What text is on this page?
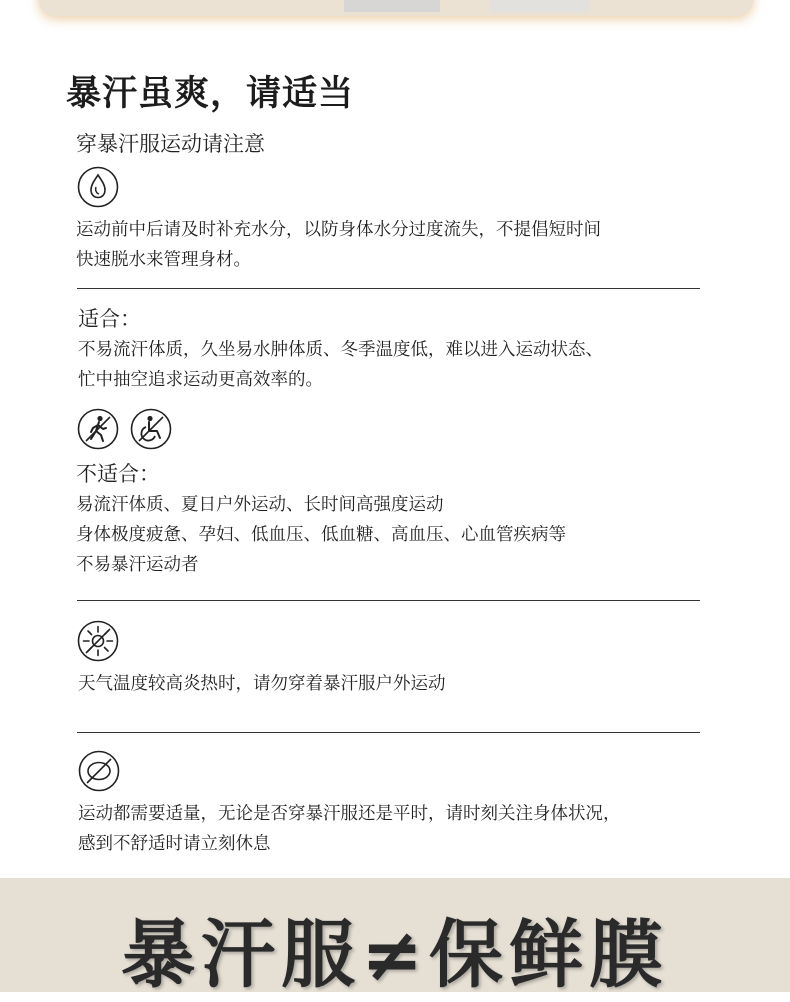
暴汗虽爽，请适当
穿暴汗服运动请注意
运动前中后请及时补充水分，以防身体水分过度流失，不提倡短时间
快速脱水来管理身材。
适合：
不易流汗体质，久坐易水肿体质、冬季温度低，难以进入运动状态、
忙中抽空追求运动更高效率的。
不适合：
易流汗体质、夏日户外运动、长时间高强度运动
身体极度疲惫、孕妇、低血压、低血糖、高血压、心血管疾病等
不易暴汗运动者
天气温度较高炎热时，请勿穿着暴汗服户外运动
运动都需要适量，无论是否穿暴汗服还是平时，请时刻关注身体状况，
感到不舒适时请立刻休息
暴汗服≠保鲜膜
